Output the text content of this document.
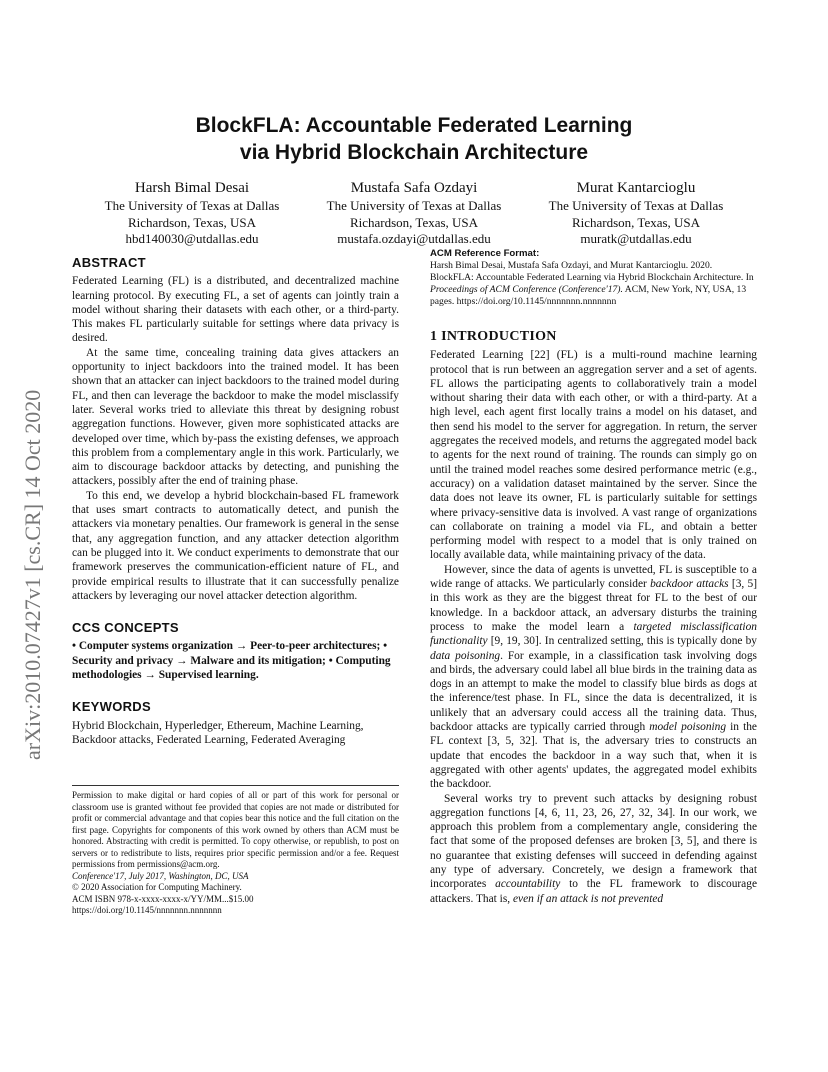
arXiv:2010.07427v1 [cs.CR] 14 Oct 2020
BlockFLA: Accountable Federated Learning
via Hybrid Blockchain Architecture
Harsh Bimal Desai
The University of Texas at Dallas
Richardson, Texas, USA
hbd140030@utdallas.edu
Mustafa Safa Ozdayi
The University of Texas at Dallas
Richardson, Texas, USA
mustafa.ozdayi@utdallas.edu
Murat Kantarcioglu
The University of Texas at Dallas
Richardson, Texas, USA
muratk@utdallas.edu
ABSTRACT

Federated Learning (FL) is a distributed, and decentralized machine learning protocol. By executing FL, a set of agents can jointly train a model without sharing their datasets with each other, or a third-party. This makes FL particularly suitable for settings where data privacy is desired.

At the same time, concealing training data gives attackers an opportunity to inject backdoors into the trained model. It has been shown that an attacker can inject backdoors to the trained model during FL, and then can leverage the backdoor to make the model misclassify later. Several works tried to alleviate this threat by designing robust aggregation functions. However, given more sophisticated attacks are developed over time, which by-pass the existing defenses, we approach this problem from a complementary angle in this work. Particularly, we aim to discourage backdoor attacks by detecting, and punishing the attackers, possibly after the end of training phase.

To this end, we develop a hybrid blockchain-based FL framework that uses smart contracts to automatically detect, and punish the attackers via monetary penalties. Our framework is general in the sense that, any aggregation function, and any attacker detection algorithm can be plugged into it. We conduct experiments to demonstrate that our framework preserves the communication-efficient nature of FL, and provide empirical results to illustrate that it can successfully penalize attackers by leveraging our novel attacker detection algorithm.

CCS CONCEPTS

• Computer systems organization → Peer-to-peer architectures; • Security and privacy → Malware and its mitigation; • Computing methodologies → Supervised learning.

KEYWORDS

Hybrid Blockchain, Hyperledger, Ethereum, Machine Learning, Backdoor attacks, Federated Learning, Federated Averaging

Permission to make digital or hard copies of all or part of this work for personal or classroom use is granted without fee provided that copies are not made or distributed for profit or commercial advantage and that copies bear this notice and the full citation on the first page. Copyrights for components of this work owned by others than ACM must be honored. Abstracting with credit is permitted. To copy otherwise, or republish, to post on servers or to redistribute to lists, requires prior specific permission and/or a fee. Request permissions from permissions@acm.org.

Conference'17, July 2017, Washington, DC, USA
© 2020 Association for Computing Machinery.
ACM ISBN 978-x-xxxx-xxxx-x/YY/MM...$15.00
https://doi.org/10.1145/nnnnnnn.nnnnnnn
ACM Reference Format:

Harsh Bimal Desai, Mustafa Safa Ozdayi, and Murat Kantarcioglu. 2020. BlockFLA: Accountable Federated Learning via Hybrid Blockchain Architecture. In Proceedings of ACM Conference (Conference'17). ACM, New York, NY, USA, 13 pages. https://doi.org/10.1145/nnnnnnn.nnnnnnn

1 INTRODUCTION

Federated Learning [22] (FL) is a multi-round machine learning protocol that is run between an aggregation server and a set of agents. FL allows the participating agents to collaboratively train a model without sharing their data with each other, or with a third-party. At a high level, each agent first locally trains a model on his dataset, and then send his model to the server for aggregation. In return, the server aggregates the received models, and returns the aggregated model back to agents for the next round of training. The rounds can simply go on until the trained model reaches some desired performance metric (e.g., accuracy) on a validation dataset maintained by the server. Since the data does not leave its owner, FL is particularly suitable for settings where privacy-sensitive data is involved. A vast range of organizations can collaborate on training a model via FL, and obtain a better performing model with respect to a model that is only trained on locally available data, while maintaining privacy of the data.

However, since the data of agents is unvetted, FL is susceptible to a wide range of attacks. We particularly consider backdoor attacks [3, 5] in this work as they are the biggest threat for FL to the best of our knowledge. In a backdoor attack, an adversary disturbs the training process to make the model learn a targeted misclassification functionality [9, 19, 30]. In centralized setting, this is typically done by data poisoning. For example, in a classification task involving dogs and birds, the adversary could label all blue birds in the training data as dogs in an attempt to make the model to classify blue birds as dogs at the inference/test phase. In FL, since the data is decentralized, it is unlikely that an adversary could access all the training data. Thus, backdoor attacks are typically carried through model poisoning in the FL context [3, 5, 32]. That is, the adversary tries to constructs an update that encodes the backdoor in a way such that, when it is aggregated with other agents' updates, the aggregated model exhibits the backdoor.

Several works try to prevent such attacks by designing robust aggregation functions [4, 6, 11, 23, 26, 27, 32, 34]. In our work, we approach this problem from a complementary angle, considering the fact that some of the proposed defenses are broken [3, 5], and there is no guarantee that existing defenses will succeed in defending against any type of adversary. Concretely, we design a framework that incorporates accountability to the FL framework to discourage attackers. That is, even if an attack is not prevented
